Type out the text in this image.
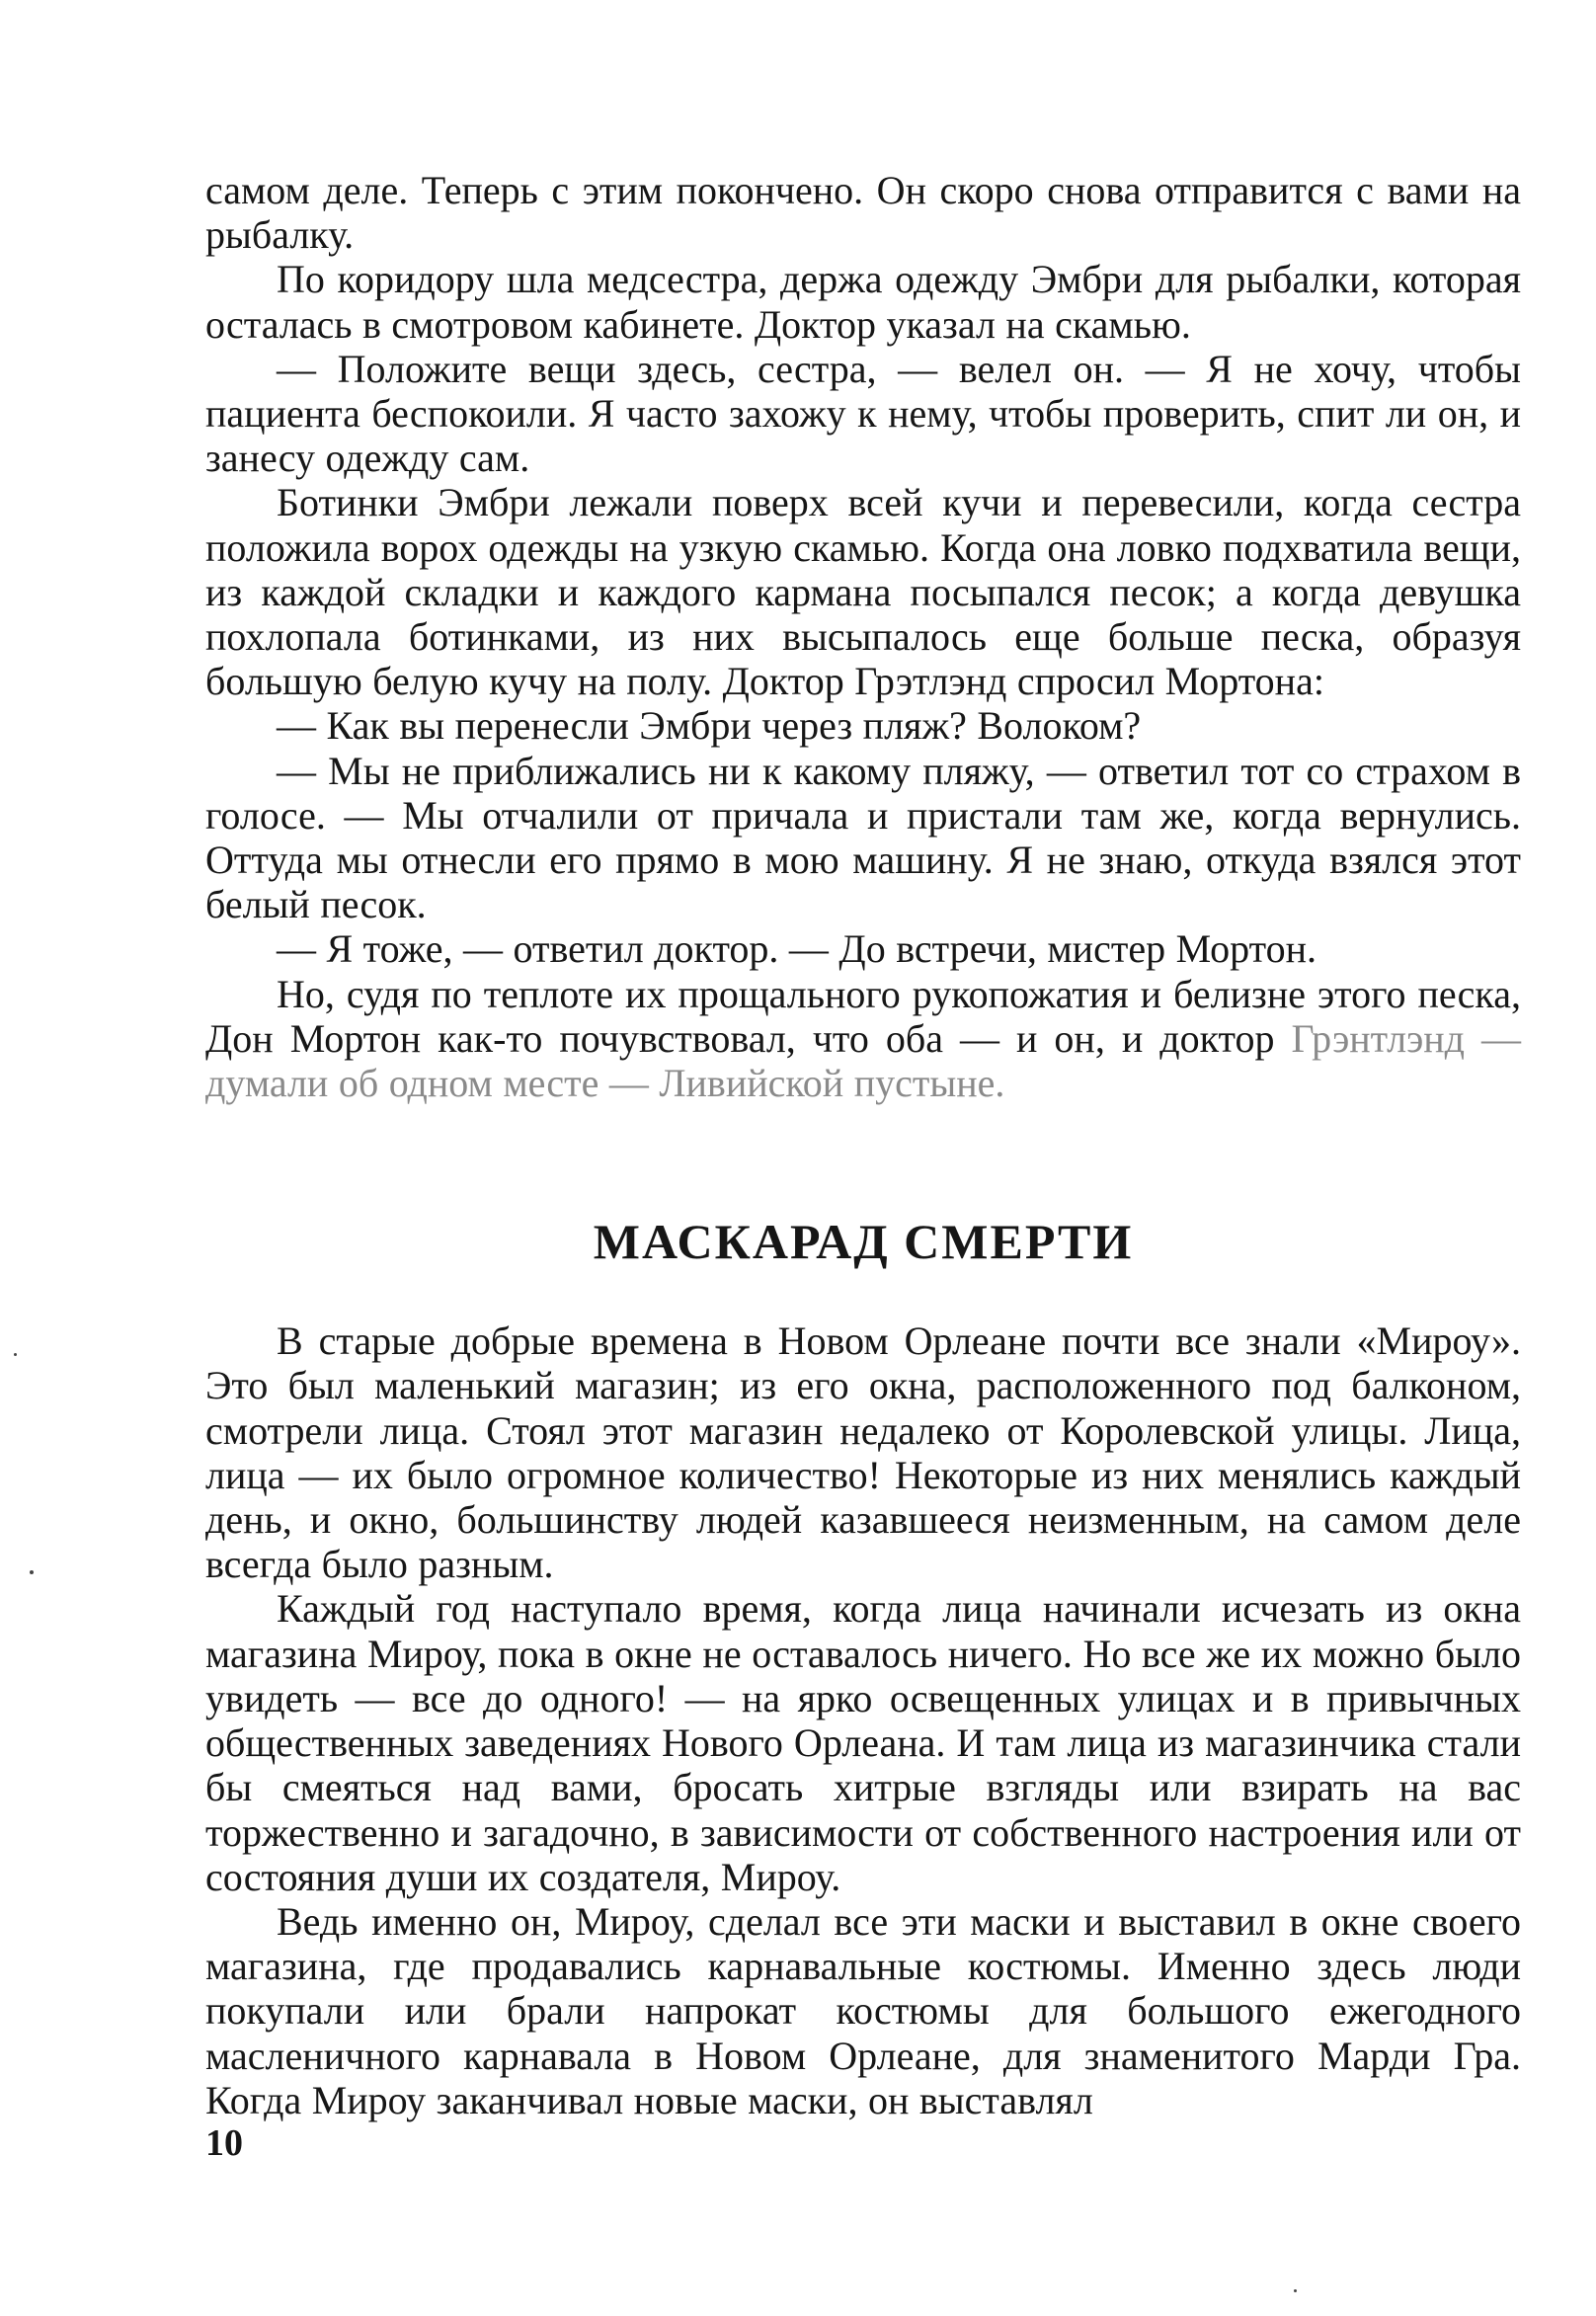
самом деле. Теперь с этим покончено. Он скоро снова отправится с вами на рыбалку.

По коридору шла медсестра, держа одежду Эмбри для рыбалки, которая осталась в смотровом кабинете. Доктор указал на скамью.

— Положите вещи здесь, сестра, — велел он. — Я не хочу, чтобы пациента беспокоили. Я часто захожу к нему, чтобы проверить, спит ли он, и занесу одежду сам.

Ботинки Эмбри лежали поверх всей кучи и перевесили, когда сестра положила ворох одежды на узкую скамью. Когда она ловко подхватила вещи, из каждой складки и каждого кармана посыпался песок; а когда девушка похлопала ботинками, из них высыпалось еще больше песка, образуя большую белую кучу на полу. Доктор Грэтлэнд спросил Мортона:

— Как вы перенесли Эмбри через пляж? Волоком?

— Мы не приближались ни к какому пляжу, — ответил тот со страхом в голосе. — Мы отчалили от причала и пристали там же, когда вернулись. Оттуда мы отнесли его прямо в мою машину. Я не знаю, откуда взялся этот белый песок.

— Я тоже, — ответил доктор. — До встречи, мистер Мортон.

Но, судя по теплоте их прощального рукопожатия и белизне этого песка, Дон Мортон как-то почувствовал, что оба — и он, и доктор Грэнтлэнд — думали об одном месте — Ливийской пустыне.

МАСКАРАД СМЕРТИ

В старые добрые времена в Новом Орлеане почти все знали «Мироу». Это был маленький магазин; из его окна, расположенного под балконом, смотрели лица. Стоял этот магазин недалеко от Королевской улицы. Лица, лица — их было огромное количество! Некоторые из них менялись каждый день, и окно, большинству людей казавшееся неизменным, на самом деле всегда было разным.

Каждый год наступало время, когда лица начинали исчезать из окна магазина Мироу, пока в окне не оставалось ничего. Но все же их можно было увидеть — все до одного! — на ярко освещенных улицах и в привычных общественных заведениях Нового Орлеана. И там лица из магазинчика стали бы смеяться над вами, бросать хитрые взгляды или взирать на вас торжественно и загадочно, в зависимости от собственного настроения или от состояния души их создателя, Мироу.

Ведь именно он, Мироу, сделал все эти маски и выставил в окне своего магазина, где продавались карнавальные костюмы. Именно здесь люди покупали или брали напрокат костюмы для большого ежегодного масленичного карнавала в Новом Орлеане, для знаменитого Марди Гра. Когда Мироу заканчивал новые маски, он выставлял

10
